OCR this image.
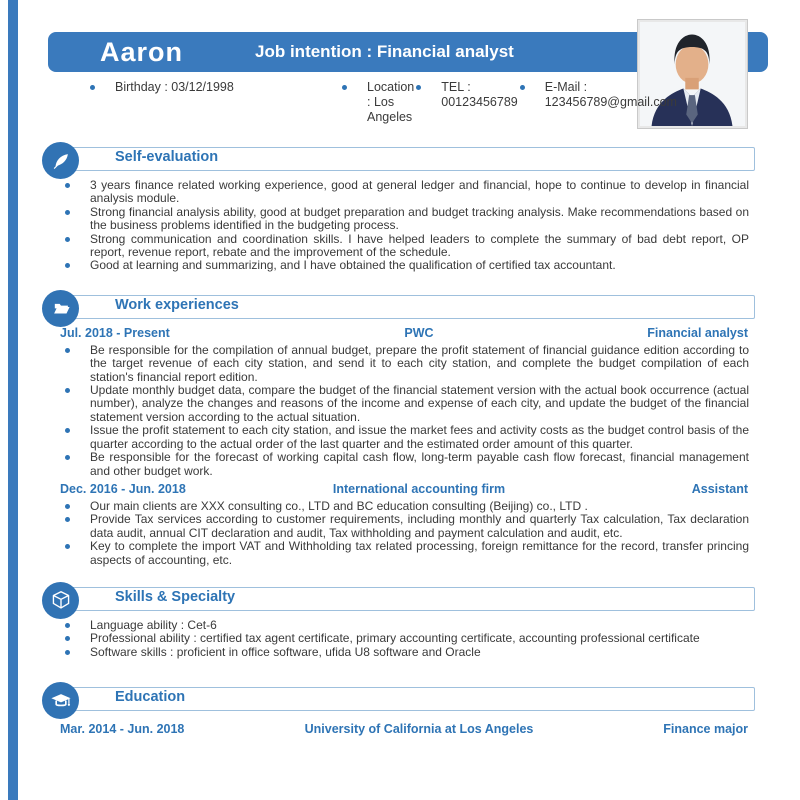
Aaron	Job intention : Financial analyst
Birthday : 03/12/1998	Location : Los Angeles
TEL : 00123456789
E-Mail : 123456789@gmail.com
Self-evaluation
3 years finance related working experience, good at general ledger and financial, hope to continue to develop in financial analysis module.
Strong financial analysis ability, good at budget preparation and budget tracking analysis. Make recommendations based on the business problems identified in the budgeting process.
Strong communication and coordination skills. I have helped leaders to complete the summary of bad debt report, OP report, revenue report, rebate and the improvement of the schedule.
Good at learning and summarizing, and I have obtained the qualification of certified tax accountant.
Work experiences
Jul. 2018 - Present	PWC	Financial analyst
Be responsible for the compilation of annual budget, prepare the profit statement of financial guidance edition according to the target revenue of each city station, and send it to each city station, and complete the budget compilation of each station's financial report edition.
Update monthly budget data, compare the budget of the financial statement version with the actual book occurrence (actual number), analyze the changes and reasons of the income and expense of each city, and update the budget of the financial statement version according to the actual situation.
Issue the profit statement to each city station, and issue the market fees and activity costs as the budget control basis of the quarter according to the actual order of the last quarter and the estimated order amount of this quarter.
Be responsible for the forecast of working capital cash flow, long-term payable cash flow forecast, financial management and other budget work.
Dec. 2016 - Jun. 2018	International accounting firm	Assistant
Our main clients are XXX consulting co., LTD and BC education consulting (Beijing) co., LTD .
Provide Tax services according to customer requirements, including monthly and quarterly Tax calculation, Tax declaration data audit, annual CIT declaration and audit, Tax withholding and payment calculation and audit, etc.
Key to complete the import VAT and Withholding tax related processing, foreign remittance for the record, transfer princing aspects of accounting, etc.
Skills & Specialty
Language ability : Cet-6
Professional ability : certified tax agent certificate, primary accounting certificate, accounting professional certificate
Software skills : proficient in office software, ufida U8 software and Oracle
Education
Mar. 2014 - Jun. 2018	University of California at Los Angeles	Finance major
